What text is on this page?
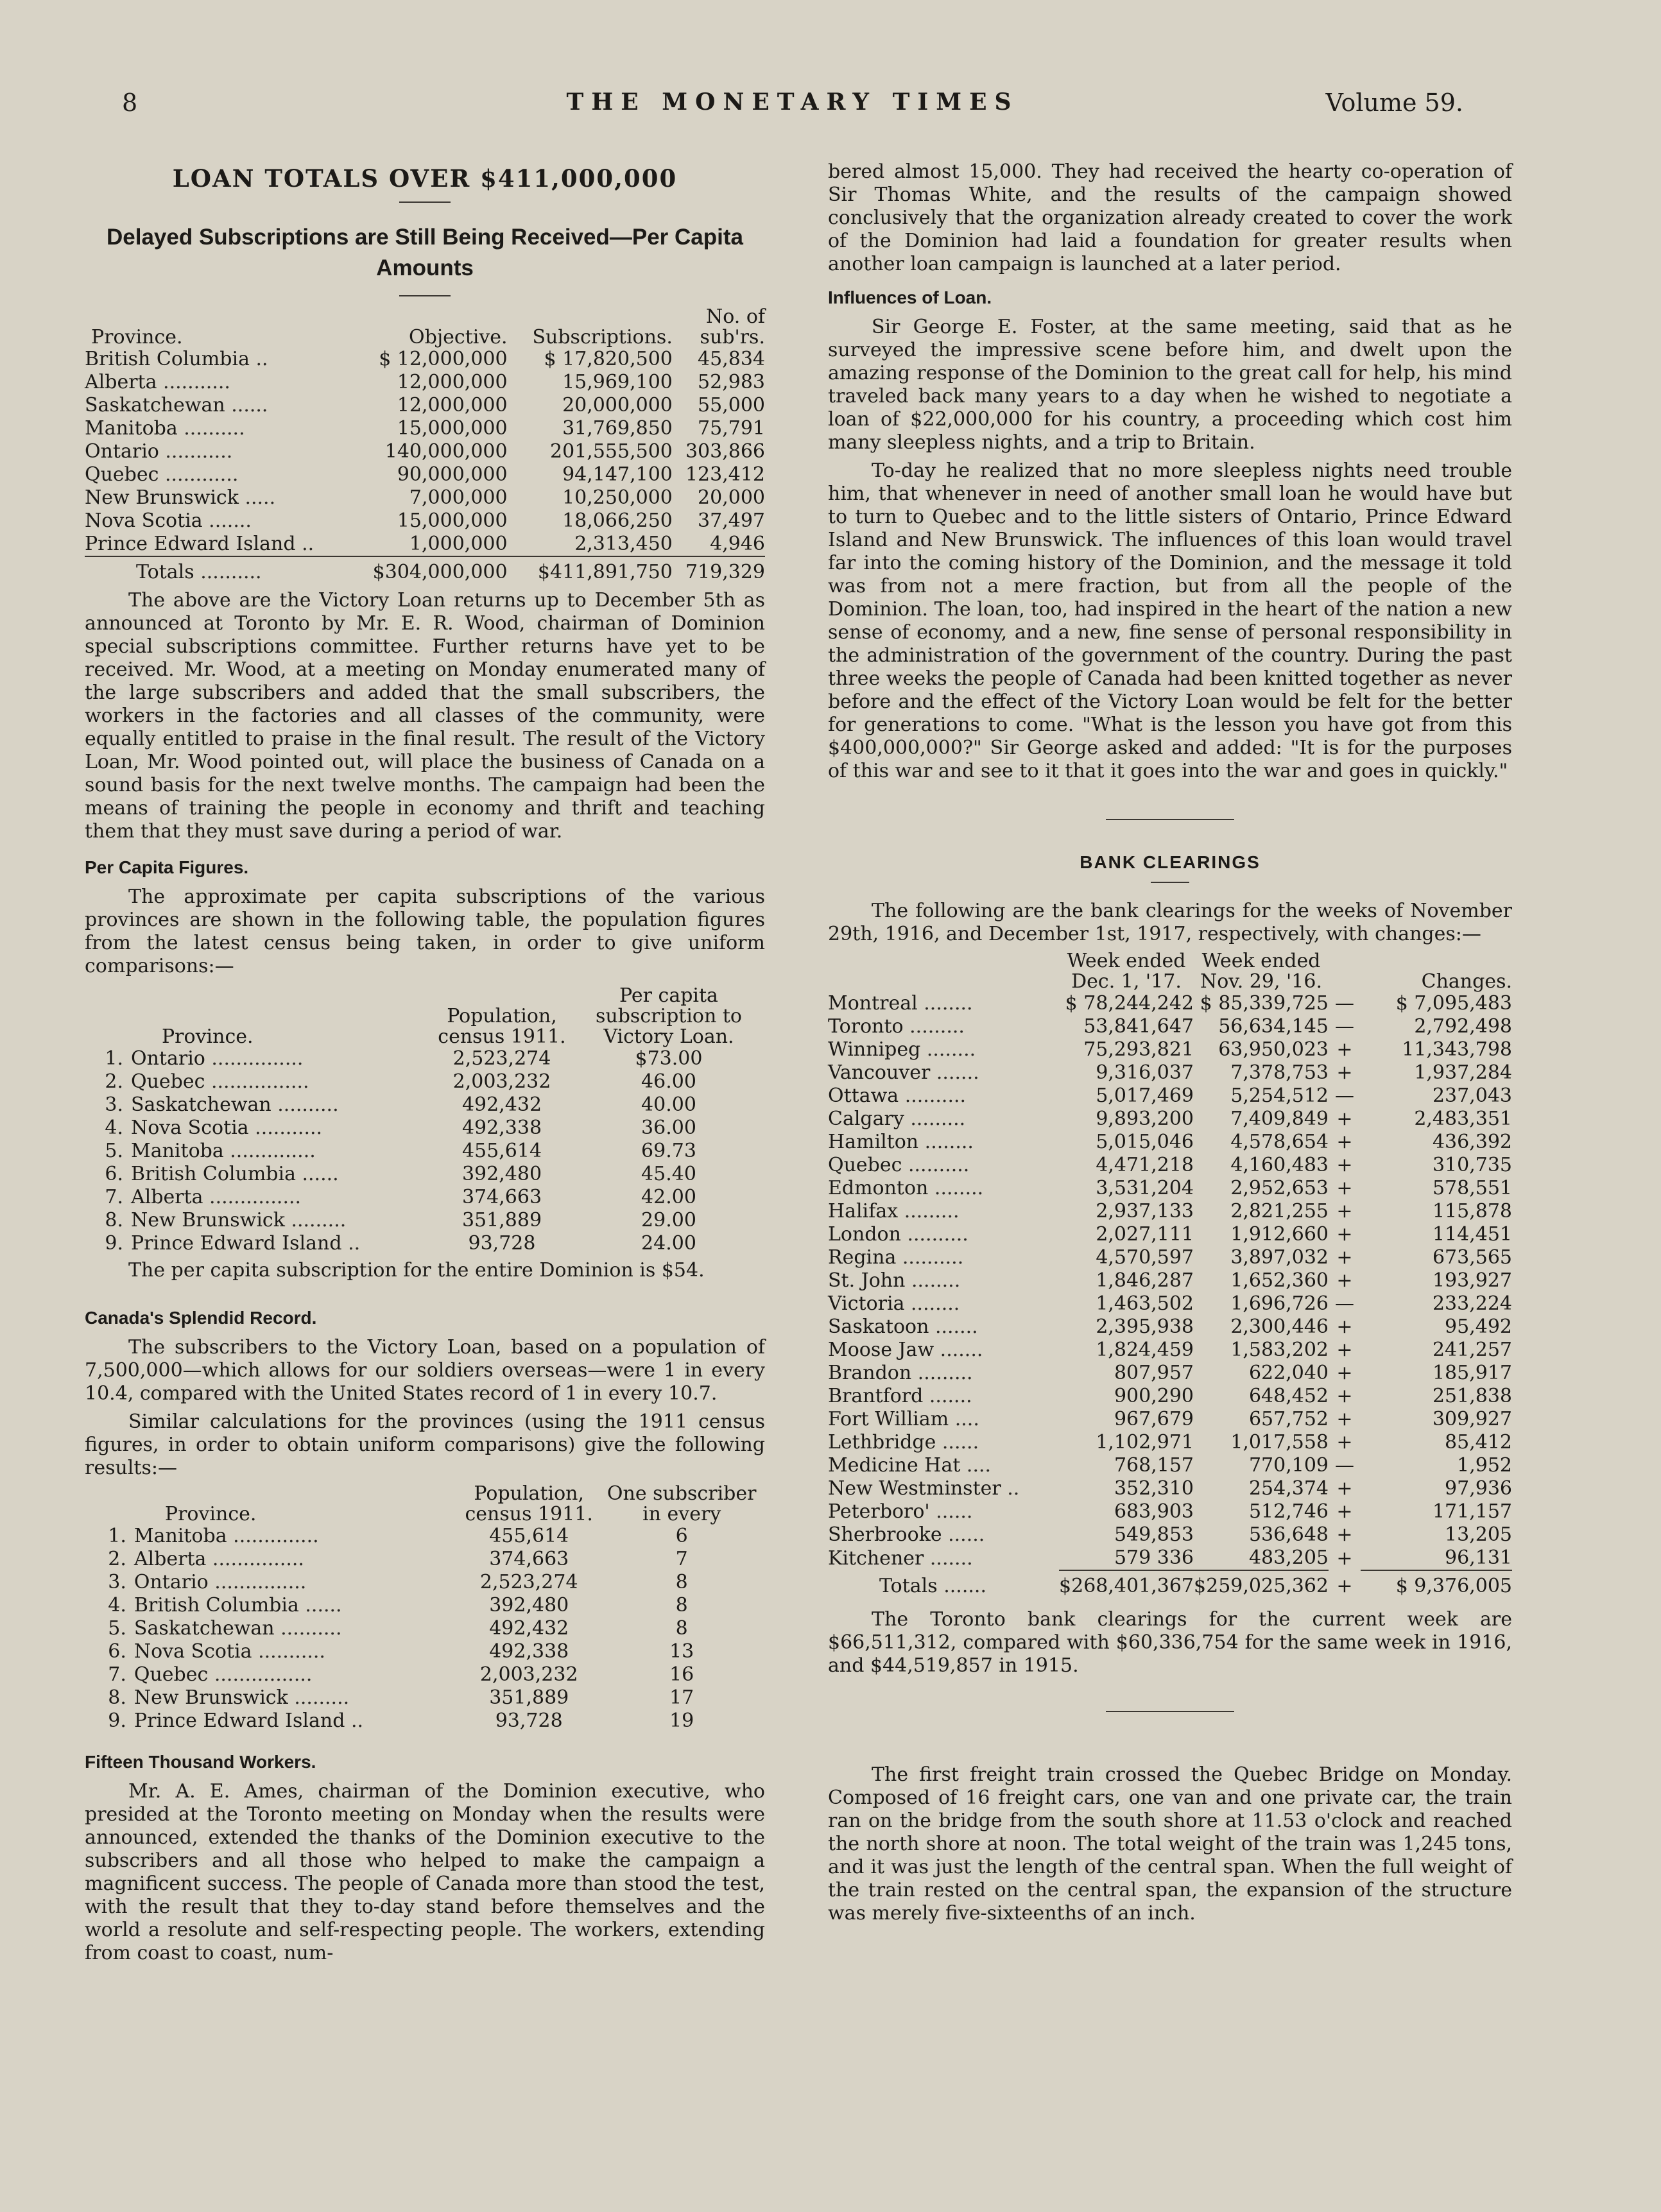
8	THE MONETARY TIMES	Volume 59.
LOAN TOTALS OVER $411,000,000
Delayed Subscriptions are Still Being Received—Per Capita Amounts
Province.	Objective.	Subscriptions.	No. of sub'rs.
British Columbia ..	$ 12,000,000	$ 17,820,500	45,834
Alberta ...........	12,000,000	15,969,100	52,983
Saskatchewan ......	12,000,000	20,000,000	55,000
Manitoba ..........	15,000,000	31,769,850	75,791
Ontario ...........	140,000,000	201,555,500	303,866
Quebec ............	90,000,000	94,147,100	123,412
New Brunswick .....	7,000,000	10,250,000	20,000
Nova Scotia .......	15,000,000	18,066,250	37,497
Prince Edward Island ..	1,000,000	2,313,450	4,946

Totals ..........	$304,000,000	$411,891,750	719,329

The above are the Victory Loan returns up to December 5th as announced at Toronto by Mr. E. R. Wood, chairman of Dominion special subscriptions committee. Further returns have yet to be received. Mr. Wood, at a meeting on Monday enumerated many of the large subscribers and added that the small subscribers, the workers in the factories and all classes of the community, were equally entitled to praise in the final result. The result of the Victory Loan, Mr. Wood pointed out, will place the business of Canada on a sound basis for the next twelve months. The campaign had been the means of training the people in economy and thrift and teaching them that they must save during a period of war.

Per Capita Figures.

The approximate per capita subscriptions of the various provinces are shown in the following table, the population figures from the latest census being taken, in order to give uniform comparisons:—

	Province.	Population, census 1911.	Per capita subscription to Victory Loan.
1.	Ontario ...............	2,523,274	$73.00
2.	Quebec ................	2,003,232	46.00
3.	Saskatchewan ..........	492,432	40.00
4.	Nova Scotia ...........	492,338	36.00
5.	Manitoba ..............	455,614	69.73
6.	British Columbia ......	392,480	45.40
7.	Alberta ...............	374,663	42.00
8.	New Brunswick .........	351,889	29.00
9.	Prince Edward Island ..	93,728	24.00

The per capita subscription for the entire Dominion is $54.

Canada's Splendid Record.

The subscribers to the Victory Loan, based on a population of 7,500,000—which allows for our soldiers overseas—were 1 in every 10.4, compared with the United States record of 1 in every 10.7.

Similar calculations for the provinces (using the 1911 census figures, in order to obtain uniform comparisons) give the following results:—

	Province.	Population, census 1911.	One subscriber in every
1.	Manitoba ..............	455,614	6
2.	Alberta ...............	374,663	7
3.	Ontario ...............	2,523,274	8
4.	British Columbia ......	392,480	8
5.	Saskatchewan ..........	492,432	8
6.	Nova Scotia ...........	492,338	13
7.	Quebec ................	2,003,232	16
8.	New Brunswick .........	351,889	17
9.	Prince Edward Island ..	93,728	19
Fifteen Thousand Workers.

Mr. A. E. Ames, chairman of the Dominion executive, who presided at the Toronto meeting on Monday when the results were announced, extended the thanks of the Dominion executive to the subscribers and all those who helped to make the campaign a magnificent success. The people of Canada more than stood the test, with the result that they to-day stand before themselves and the world a resolute and self-respecting people. The workers, extending from coast to coast, num-

bered almost 15,000. They had received the hearty co-operation of Sir Thomas White, and the results of the campaign showed conclusively that the organization already created to cover the work of the Dominion had laid a foundation for greater results when another loan campaign is launched at a later period.

Influences of Loan.

Sir George E. Foster, at the same meeting, said that as he surveyed the impressive scene before him, and dwelt upon the amazing response of the Dominion to the great call for help, his mind traveled back many years to a day when he wished to negotiate a loan of $22,000,000 for his country, a proceeding which cost him many sleepless nights, and a trip to Britain.

To-day he realized that no more sleepless nights need trouble him, that whenever in need of another small loan he would have but to turn to Quebec and to the little sisters of Ontario, Prince Edward Island and New Brunswick. The influences of this loan would travel far into the coming history of the Dominion, and the message it told was from not a mere fraction, but from all the people of the Dominion. The loan, too, had inspired in the heart of the nation a new sense of economy, and a new, fine sense of personal responsibility in the administration of the government of the country. During the past three weeks the people of Canada had been knitted together as never before and the effect of the Victory Loan would be felt for the better for generations to come. "What is the lesson you have got from this $400,000,000?" Sir George asked and added: "It is for the purposes of this war and see to it that it goes into the war and goes in quickly."

BANK CLEARINGS

The following are the bank clearings for the weeks of November 29th, 1916, and December 1st, 1917, respectively, with changes:—

	Week ended Dec. 1, '17.	Week ended Nov. 29, '16.	Changes.	
Montreal ........	$ 78,244,242	$ 85,339,725	—	$ 7,095,483
Toronto .........	53,841,647	56,634,145	—	2,792,498
Winnipeg ........	75,293,821	63,950,023	+	11,343,798
Vancouver .......	9,316,037	7,378,753	+	1,937,284
Ottawa ..........	5,017,469	5,254,512	—	237,043
Calgary .........	9,893,200	7,409,849	+	2,483,351
Hamilton ........	5,015,046	4,578,654	+	436,392
Quebec ..........	4,471,218	4,160,483	+	310,735
Edmonton ........	3,531,204	2,952,653	+	578,551
Halifax .........	2,937,133	2,821,255	+	115,878
London ..........	2,027,111	1,912,660	+	114,451
Regina ..........	4,570,597	3,897,032	+	673,565
St. John ........	1,846,287	1,652,360	+	193,927
Victoria ........	1,463,502	1,696,726	—	233,224
Saskatoon .......	2,395,938	2,300,446	+	95,492
Moose Jaw .......	1,824,459	1,583,202	+	241,257
Brandon .........	807,957	622,040	+	185,917
Brantford .......	900,290	648,452	+	251,838
Fort William ....	967,679	657,752	+	309,927
Lethbridge ......	1,102,971	1,017,558	+	85,412
Medicine Hat ....	768,157	770,109	—	1,952
New Westminster ..	352,310	254,374	+	97,936
Peterboro' ......	683,903	512,746	+	171,157
Sherbrooke ......	549,853	536,648	+	13,205
Kitchener .......	579 336	483,205	+	96,131

Totals .......	$268,401,367	$259,025,362	+	$ 9,376,005

The Toronto bank clearings for the current week are $66,511,312, compared with $60,336,754 for the same week in 1916, and $44,519,857 in 1915.

The first freight train crossed the Quebec Bridge on Monday. Composed of 16 freight cars, one van and one private car, the train ran on the bridge from the south shore at 11.53 o'clock and reached the north shore at noon. The total weight of the train was 1,245 tons, and it was just the length of the central span. When the full weight of the train rested on the central span, the expansion of the structure was merely five-sixteenths of an inch.
